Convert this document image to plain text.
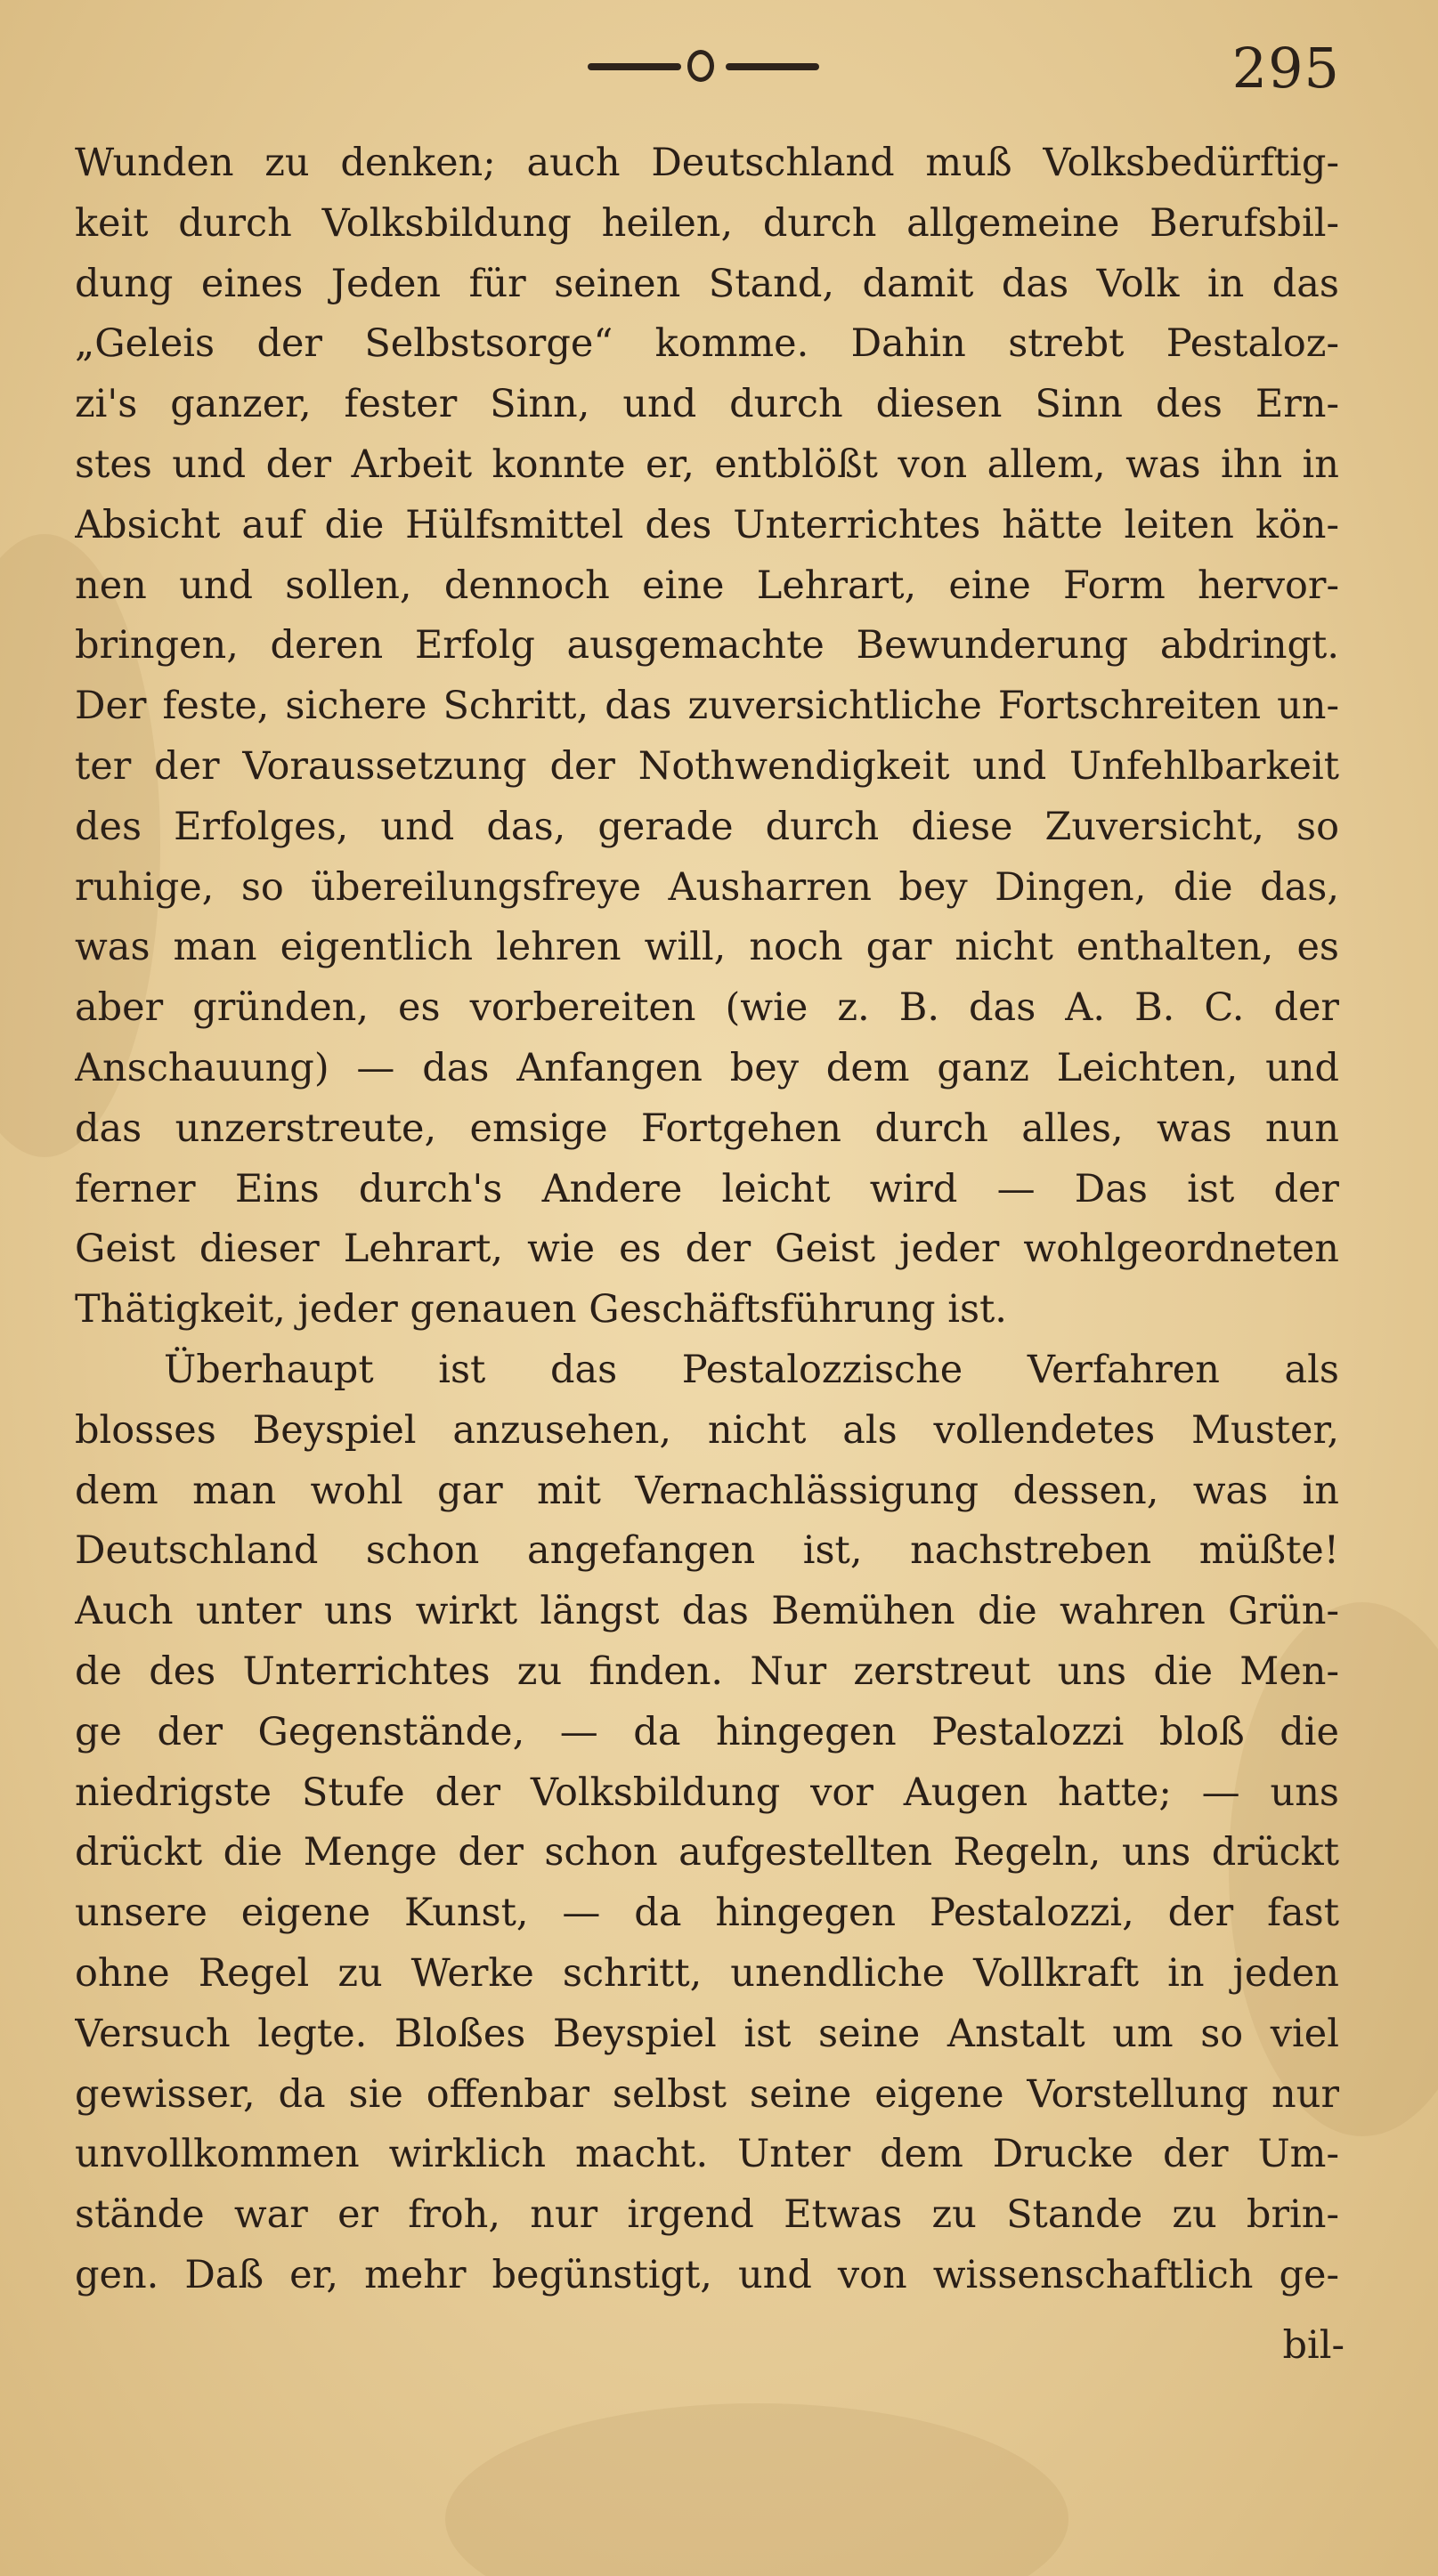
295
Wunden zu denken; auch Deutschland muß Volksbedürftig-
keit durch Volksbildung heilen, durch allgemeine Berufsbil-
dung eines Jeden für seinen Stand, damit das Volk in das
„Geleis der Selbstsorge“ komme. Dahin strebt Pestaloz-
zi's ganzer, fester Sinn, und durch diesen Sinn des Ern-
stes und der Arbeit konnte er, entblößt von allem, was ihn in
Absicht auf die Hülfsmittel des Unterrichtes hätte leiten kön-
nen und sollen, dennoch eine Lehrart, eine Form hervor-
bringen, deren Erfolg ausgemachte Bewunderung abdringt.
Der feste, sichere Schritt, das zuversichtliche Fortschreiten un-
ter der Voraussetzung der Nothwendigkeit und Unfehlbarkeit
des Erfolges, und das, gerade durch diese Zuversicht, so
ruhige, so übereilungsfreye Ausharren bey Dingen, die das,
was man eigentlich lehren will, noch gar nicht enthalten, es
aber gründen, es vorbereiten (wie z. B. das A. B. C. der
Anschauung) — das Anfangen bey dem ganz Leichten, und
das unzerstreute, emsige Fortgehen durch alles, was nun
ferner Eins durch's Andere leicht wird — Das ist der
Geist dieser Lehrart, wie es der Geist jeder wohlgeordneten
Thätigkeit, jeder genauen Geschäftsführung ist.
Überhaupt ist das Pestalozzische Verfahren als
blosses Beyspiel anzusehen, nicht als vollendetes Muster,
dem man wohl gar mit Vernachlässigung dessen, was in
Deutschland schon angefangen ist, nachstreben müßte!
Auch unter uns wirkt längst das Bemühen die wahren Grün-
de des Unterrichtes zu finden. Nur zerstreut uns die Men-
ge der Gegenstände, — da hingegen Pestalozzi bloß die
niedrigste Stufe der Volksbildung vor Augen hatte; — uns
drückt die Menge der schon aufgestellten Regeln, uns drückt
unsere eigene Kunst, — da hingegen Pestalozzi, der fast
ohne Regel zu Werke schritt, unendliche Vollkraft in jeden
Versuch legte. Bloßes Beyspiel ist seine Anstalt um so viel
gewisser, da sie offenbar selbst seine eigene Vorstellung nur
unvollkommen wirklich macht. Unter dem Drucke der Um-
stände war er froh, nur irgend Etwas zu Stande zu brin-
gen. Daß er, mehr begünstigt, und von wissenschaftlich ge-
bil-
